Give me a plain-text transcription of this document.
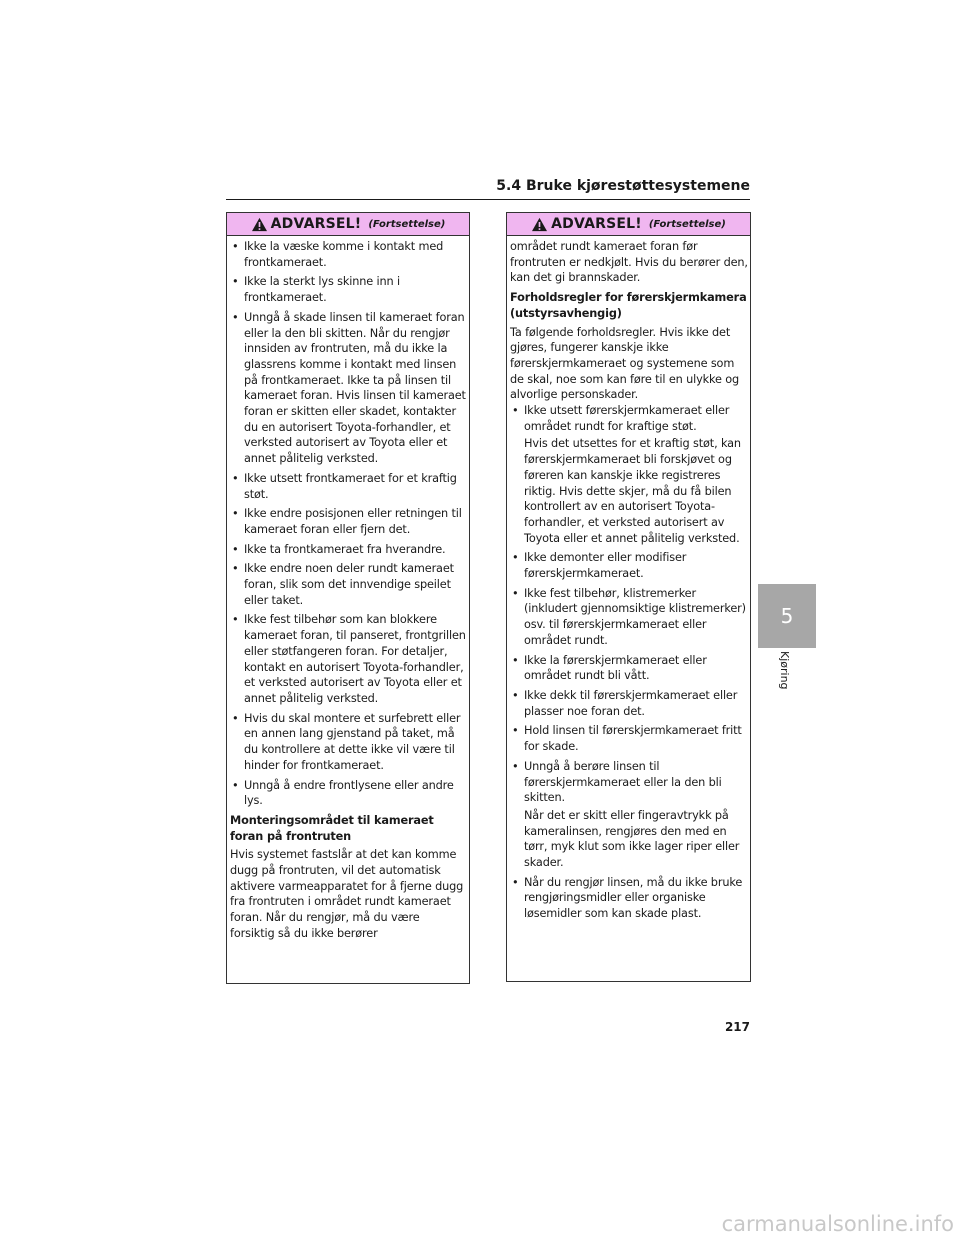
5.4 Bruke kjørestøttesystemene
ADVARSEL! (Fortsettelse)
• Ikke la væske komme i kontakt med frontkameraet.
• Ikke la sterkt lys skinne inn i frontkameraet.
• Unngå å skade linsen til kameraet foran eller la den bli skitten. Når du rengjør innsiden av frontruten, må du ikke la glassrens komme i kontakt med linsen på frontkameraet. Ikke ta på linsen til kameraet foran. Hvis linsen til kameraet foran er skitten eller skadet, kontakter du en autorisert Toyota-forhandler, et verksted autorisert av Toyota eller et annet pålitelig verksted.
• Ikke utsett frontkameraet for et kraftig støt.
• Ikke endre posisjonen eller retningen til kameraet foran eller fjern det.
• Ikke ta frontkameraet fra hverandre.
• Ikke endre noen deler rundt kameraet foran, slik som det innvendige speilet eller taket.
• Ikke fest tilbehør som kan blokkere kameraet foran, til panseret, frontgrillen eller støtfangeren foran. For detaljer, kontakt en autorisert Toyota-forhandler, et verksted autorisert av Toyota eller et annet pålitelig verksted.
• Hvis du skal montere et surfebrett eller en annen lang gjenstand på taket, må du kontrollere at dette ikke vil være til hinder for frontkameraet.
• Unngå å endre frontlysene eller andre lys.

Monteringsområdet til kameraet foran på frontruten

Hvis systemet fastslår at det kan komme dugg på frontruten, vil det automatisk aktivere varmeapparatet for å fjerne dugg fra frontruten i området rundt kameraet foran. Når du rengjør, må du være forsiktig så du ikke berører

ADVARSEL! (Fortsettelse)

området rundt kameraet foran før frontruten er nedkjølt. Hvis du berører den, kan det gi brannskader.

Forholdsregler for førerskjermkamera (utstyrsavhengig)

Ta følgende forholdsregler. Hvis ikke det gjøres, fungerer kanskje ikke førerskjermkameraet og systemene som de skal, noe som kan føre til en ulykke og alvorlige personskader.

• Ikke utsett førerskjermkameraet eller området rundt for kraftige støt.
Hvis det utsettes for et kraftig støt, kan førerskjermkameraet bli forskjøvet og føreren kan kanskje ikke registreres riktig. Hvis dette skjer, må du få bilen kontrollert av en autorisert Toyota-forhandler, et verksted autorisert av Toyota eller et annet pålitelig verksted.
• Ikke demonter eller modifiser førerskjermkameraet.
• Ikke fest tilbehør, klistremerker (inkludert gjennomsiktige klistremerker) osv. til førerskjermkameraet eller området rundt.
• Ikke la førerskjermkameraet eller området rundt bli vått.
• Ikke dekk til førerskjermkameraet eller plasser noe foran det.
• Hold linsen til førerskjermkameraet fritt for skade.
• Unngå å berøre linsen til førerskjermkameraet eller la den bli skitten.
Når det er skitt eller fingeravtrykk på kameralinsen, rengjøres den med en tørr, myk klut som ikke lager riper eller skader.
• Når du rengjør linsen, må du ikke bruke rengjøringsmidler eller organiske løsemidler som kan skade plast.
5
Kjøring
217
carmanualsonline.info
